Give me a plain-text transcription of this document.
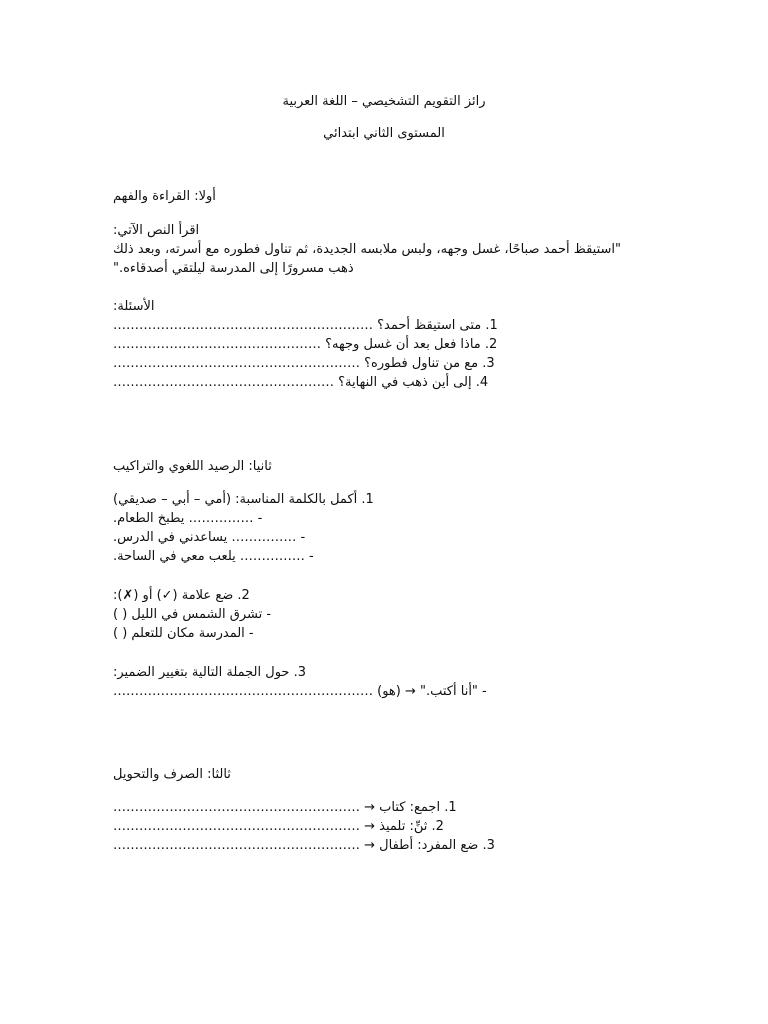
رائز التقويم التشخيصي – اللغة العربية
المستوى الثاني ابتدائي
أولا: القراءة والفهم
اقرأ النص الآتي:
"استيقظ أحمد صباحًا، غسل وجهه، ولبس ملابسه الجديدة، ثم تناول فطوره مع أسرته، وبعد ذلك
ذهب مسرورًا إلى المدرسة ليلتقي أصدقاءه."
الأسئلة:
1. متى استيقظ أحمد؟ ……………………………………………………
2. ماذا فعل بعد أن غسل وجهه؟ …………………………………………
3. مع من تناول فطوره؟ …………………………………………………
4. إلى أين ذهب في النهاية؟ ……………………………………………
ثانيا: الرصيد اللغوي والتراكيب
1. أكمل بالكلمة المناسبة: (أمي – أبي – صديقي)
- …………… يطبخ الطعام.
- …………… يساعدني في الدرس.
- …………… يلعب معي في الساحة.
2. ضع علامة (✓) أو (✗):
- تشرق الشمس في الليل ( )
- المدرسة مكان للتعلم ( )
3. حول الجملة التالية بتغيير الضمير:
- "أنا أكتب." → (هو) ……………………………………………………
ثالثا: الصرف والتحويل
1. اجمع: كتاب → …………………………………………………
2. ثنِّ: تلميذ → …………………………………………………
3. ضع المفرد: أطفال → …………………………………………………
